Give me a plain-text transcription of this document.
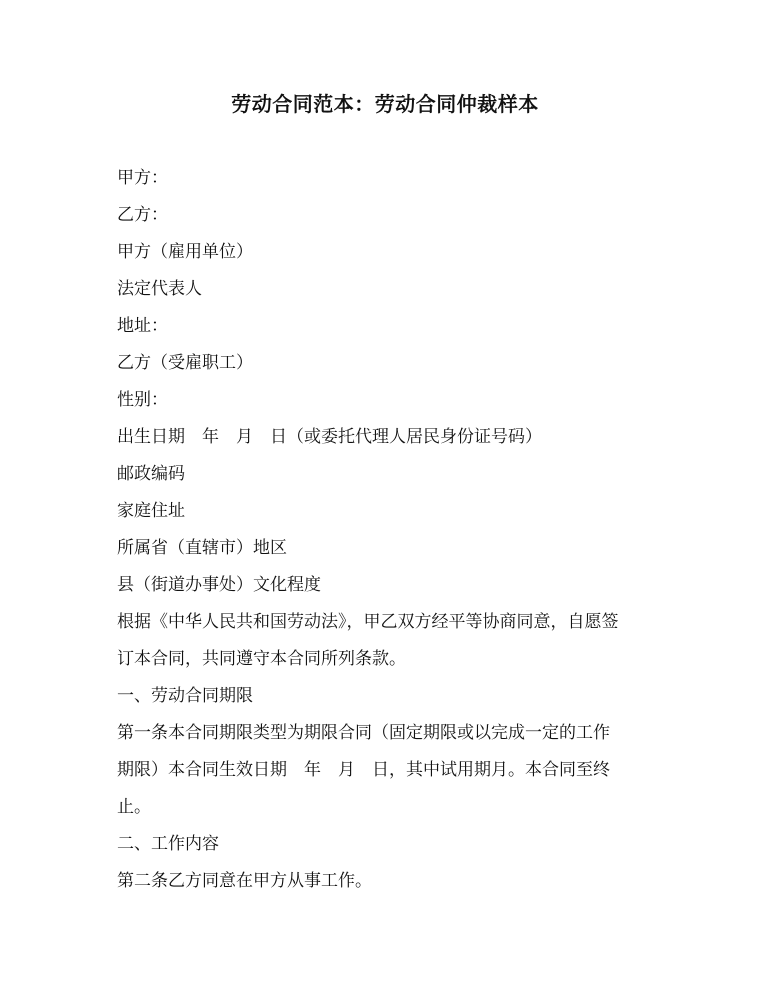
劳动合同范本：劳动合同仲裁样本

甲方：

乙方：

甲方（雇用单位）

法定代表人

地址：

乙方（受雇职工）

性别：

出生日期　年　月　日（或委托代理人居民身份证号码）

邮政编码

家庭住址

所属省（直辖市）地区

县（街道办事处）文化程度

根据《中华人民共和国劳动法》，甲乙双方经平等协商同意，自愿签
订本合同，共同遵守本合同所列条款。

一、劳动合同期限

第一条本合同期限类型为期限合同（固定期限或以完成一定的工作
期限）本合同生效日期　年　月　日，其中试用期月。本合同至终
止。

二、工作内容

第二条乙方同意在甲方从事工作。
